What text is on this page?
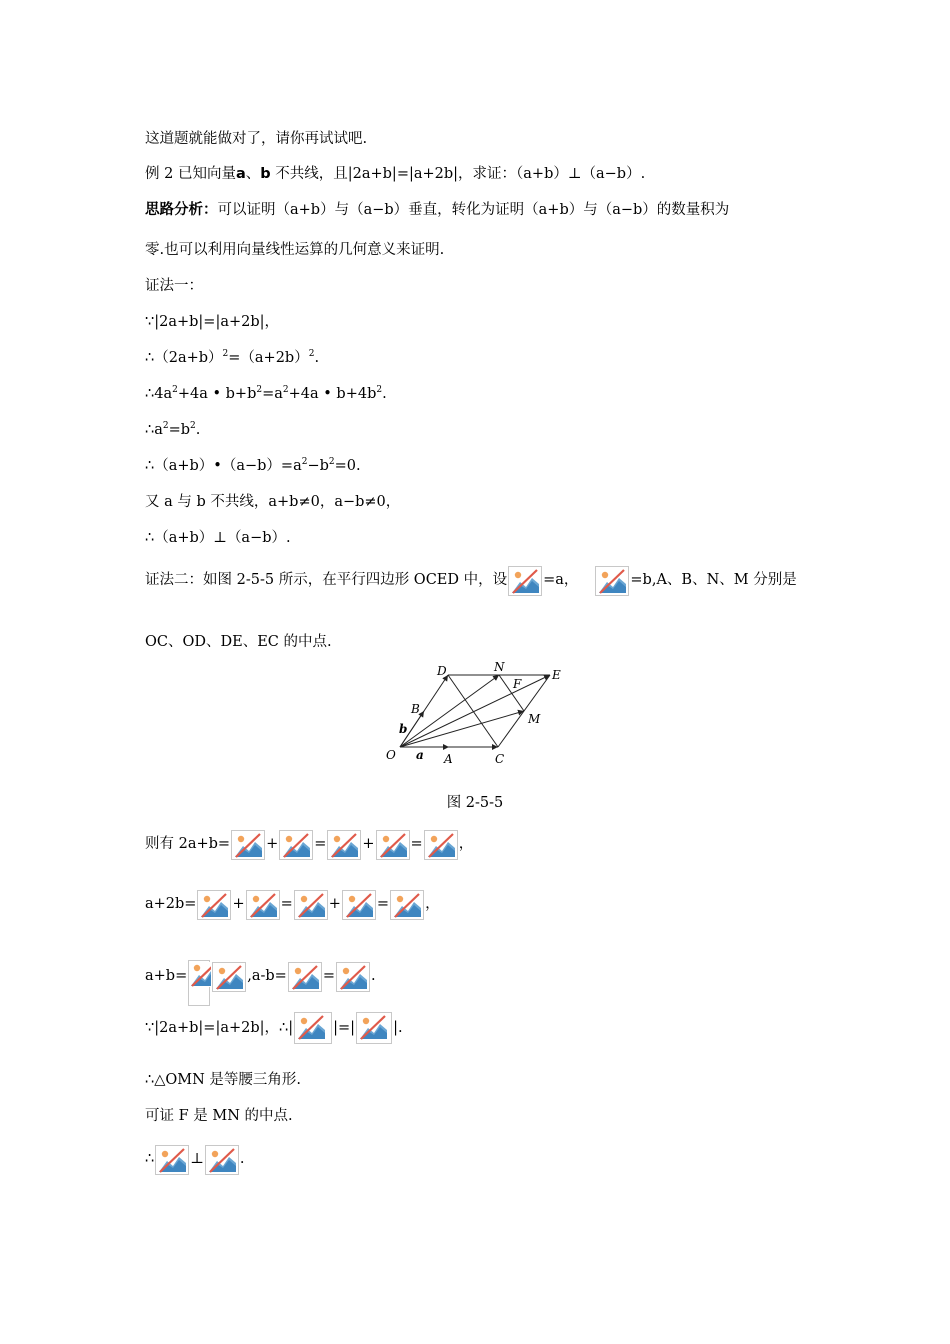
这道题就能做对了，请你再试试吧.
例 2 已知向量a、b 不共线，且|2a+b|=|a+2b|，求证：（a+b）⊥（a−b）.
思路分析：可以证明（a+b）与（a−b）垂直，转化为证明（a+b）与（a−b）的数量积为
零.也可以利用向量线性运算的几何意义来证明.
证法一：
∵|2a+b|=|a+2b|，
$\therefore(2a+b)^2=(a+2b)^2$.
$\therefore 4a^2+4a$ • $b+b^2=a^2+4a$ • $b+4b^2$.
$\therefore a^2=b^2$.
$\therefore(a+b)•(a-b)=a^2-b^2=0$.
又 a 与 b 不共线，a+b≠0，a−b≠0，
∴（a+b）⊥（a−b）.
证法二：如图 2-5-5 所示，在平行四边形 OCED 中，设 =a，	=b,A、B、N、M 分别是
OC、OD、DE、EC 的中点.
O	A	C
B
D	N
E
F
M
a
b
图 2-5-5
则有 2a+b= + = + = ，
a+2b= + = + = ，
a+b=	,a-b= = .
∵|2a+b|=|a+2b|，∴|	|=|	|.
∴△OMN 是等腰三角形.
可证 F 是 MN 的中点.
∴ ⊥ .
